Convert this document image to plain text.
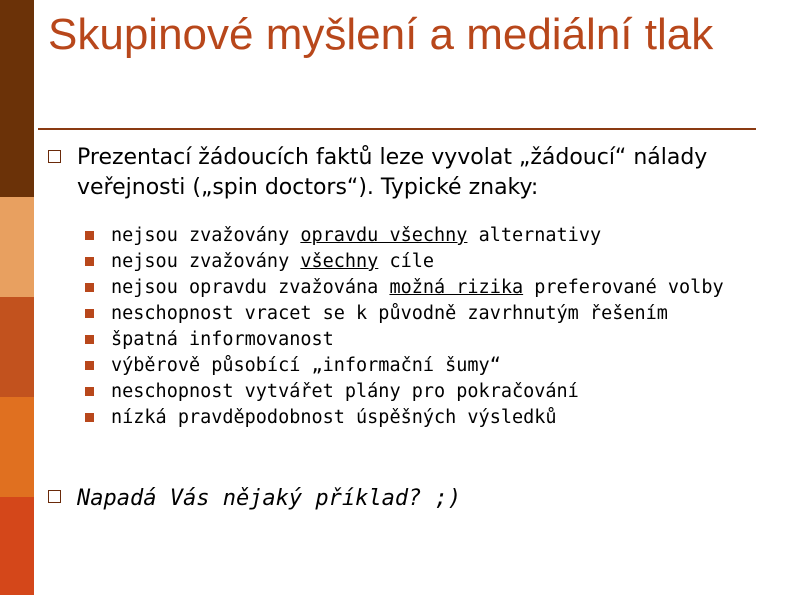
Skupinové myšlení a mediální tlak
Prezentací žádoucích faktů leze vyvolat „žádoucí“ nálady veřejnosti („spin doctors“). Typické znaky:
nejsou zvažovány opravdu všechny alternativy
nejsou zvažovány všechny cíle
nejsou opravdu zvažována možná rizika preferované volby
neschopnost vracet se k původně zavrhnutým řešením
špatná informovanost
výběrově působící „informační šumy“
neschopnost vytvářet plány pro pokračování
nízká pravděpodobnost úspěšných výsledků
Napadá Vás nějaký příklad? ;)
